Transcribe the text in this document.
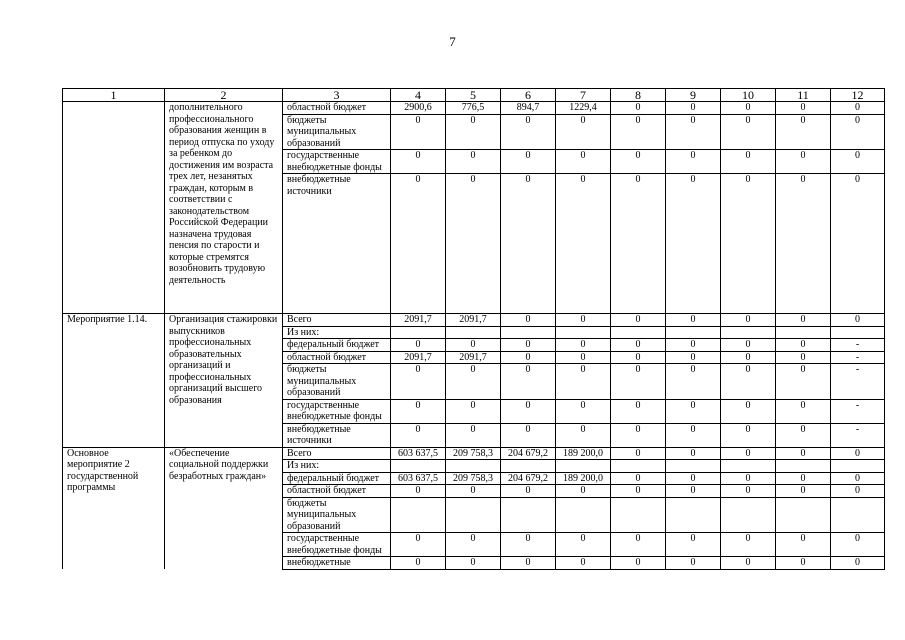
7
1	2	3	4	5	6	7	8	9	10	11	12
	дополнительного профессионального образования женщин в период отпуска по уходу за ребенком до достижения им возраста трех лет, незанятых граждан, которым в соответствии с законодательством Российской Федерации назначена трудовая пенсия по старости и которые стремятся возобновить трудовую деятельность	областной бюджет	2900,6	776,5	894,7	1229,4	0	0	0	0	0
		бюджеты муниципальных образований	0	0	0	0	0	0	0	0	0
		государственные внебюджетные фонды	0	0	0	0	0	0	0	0	0
		внебюджетные источники	0	0	0	0	0	0	0	0	0
Мероприятие 1.14.	Организация стажировки выпускников профессиональных образовательных организаций и профессиональных организаций высшего образования	Всего	2091,7	2091,7	0	0	0	0	0	0	0
		Из них:									
		федеральный бюджет	0	0	0	0	0	0	0	0	-
		областной бюджет	2091,7	2091,7	0	0	0	0	0	0	-
		бюджеты муниципальных образований	0	0	0	0	0	0	0	0	-
		государственные внебюджетные фонды	0	0	0	0	0	0	0	0	-
		внебюджетные источники	0	0	0	0	0	0	0	0	-
Основное мероприятие 2 государственной программы	«Обеспечение социальной поддержки безработных граждан»	Всего	603 637,5	209 758,3	204 679,2	189 200,0	0	0	0	0	0
		Из них:									
		федеральный бюджет	603 637,5	209 758,3	204 679,2	189 200,0	0	0	0	0	0
		областной бюджет	0	0	0	0	0	0	0	0	0
		бюджеты муниципальных образований									
		государственные внебюджетные фонды	0	0	0	0	0	0	0	0	0
		внебюджетные	0	0	0	0	0	0	0	0	0
